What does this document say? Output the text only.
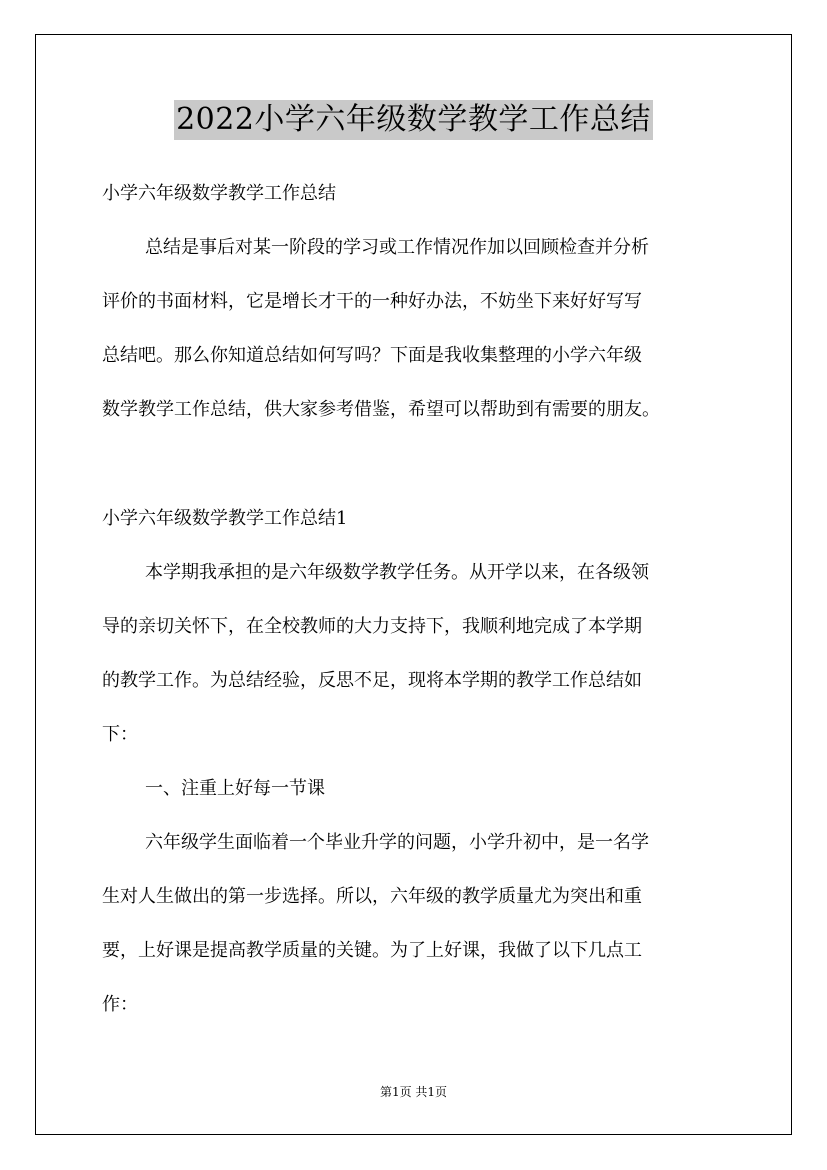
2022小学六年级数学教学工作总结
小学六年级数学教学工作总结
总结是事后对某一阶段的学习或工作情况作加以回顾检查并分析
评价的书面材料，它是增长才干的一种好办法，不妨坐下来好好写写
总结吧。那么你知道总结如何写吗？下面是我收集整理的小学六年级
数学教学工作总结，供大家参考借鉴，希望可以帮助到有需要的朋友。
小学六年级数学教学工作总结1
本学期我承担的是六年级数学教学任务。从开学以来，在各级领
导的亲切关怀下，在全校教师的大力支持下，我顺利地完成了本学期
的教学工作。为总结经验，反思不足，现将本学期的教学工作总结如
下：
一、注重上好每一节课
六年级学生面临着一个毕业升学的问题，小学升初中，是一名学
生对人生做出的第一步选择。所以，六年级的教学质量尤为突出和重
要，上好课是提高教学质量的关键。为了上好课，我做了以下几点工
作：
第1页 共1页
